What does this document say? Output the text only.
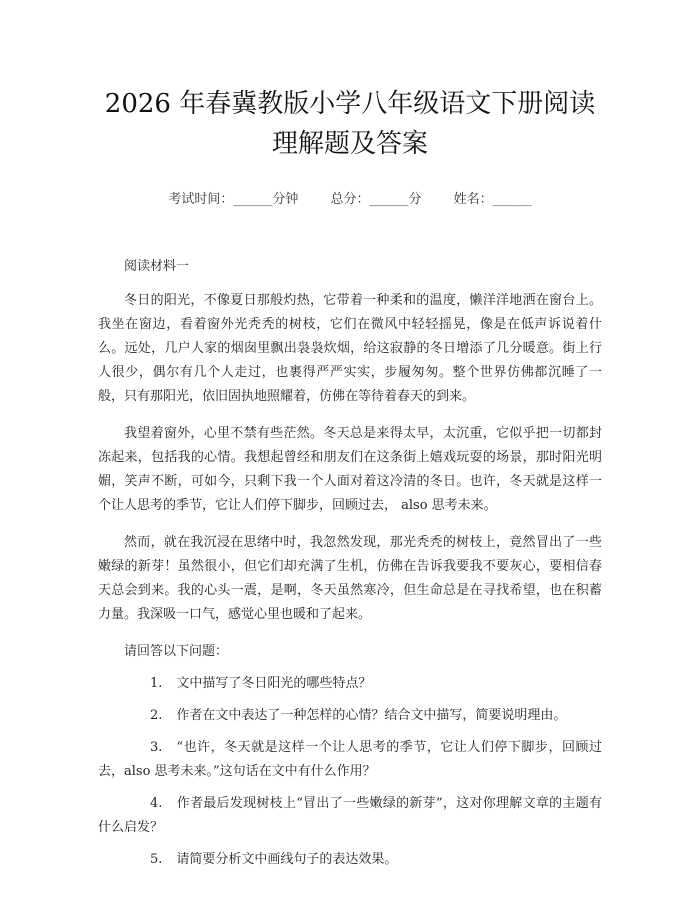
2026 年春冀教版小学八年级语文下册阅读理解题及答案
考试时间：______分钟 总分：______分 姓名：______
阅读材料一

冬日的阳光，不像夏日那般灼热，它带着一种柔和的温度，懒洋洋地洒在窗台上。我坐在窗边，看着窗外光秃秃的树枝，它们在微风中轻轻摇晃，像是在低声诉说着什么。远处，几户人家的烟囱里飘出袅袅炊烟，给这寂静的冬日增添了几分暖意。街上行人很少，偶尔有几个人走过，也裹得严严实实，步履匆匆。整个世界仿佛都沉睡了一般，只有那阳光，依旧固执地照耀着，仿佛在等待着春天的到来。

我望着窗外，心里不禁有些茫然。冬天总是来得太早，太沉重，它似乎把一切都封冻起来，包括我的心情。我想起曾经和朋友们在这条街上嬉戏玩耍的场景，那时阳光明媚，笑声不断，可如今，只剩下我一个人面对着这冷清的冬日。也许，冬天就是这样一个让人思考的季节，它让人们停下脚步，回顾过去， also 思考未来。

然而，就在我沉浸在思绪中时，我忽然发现，那光秃秃的树枝上，竟然冒出了一些嫩绿的新芽！虽然很小，但它们却充满了生机，仿佛在告诉我要我不要灰心，要相信春天总会到来。我的心头一震，是啊，冬天虽然寒冷，但生命总是在寻找希望，也在积蓄力量。我深吸一口气，感觉心里也暖和了起来。

请回答以下问题：
1. 文中描写了冬日阳光的哪些特点？
2. 作者在文中表达了一种怎样的心情？结合文中描写，简要说明理由。
3. “也许，冬天就是这样一个让人思考的季节，它让人们停下脚步，回顾过去，also 思考未来。”这句话在文中有什么作用？
4. 作者最后发现树枝上“冒出了一些嫩绿的新芽”，这对你理解文章的主题有什么启发？
5. 请简要分析文中画线句子的表达效果。
